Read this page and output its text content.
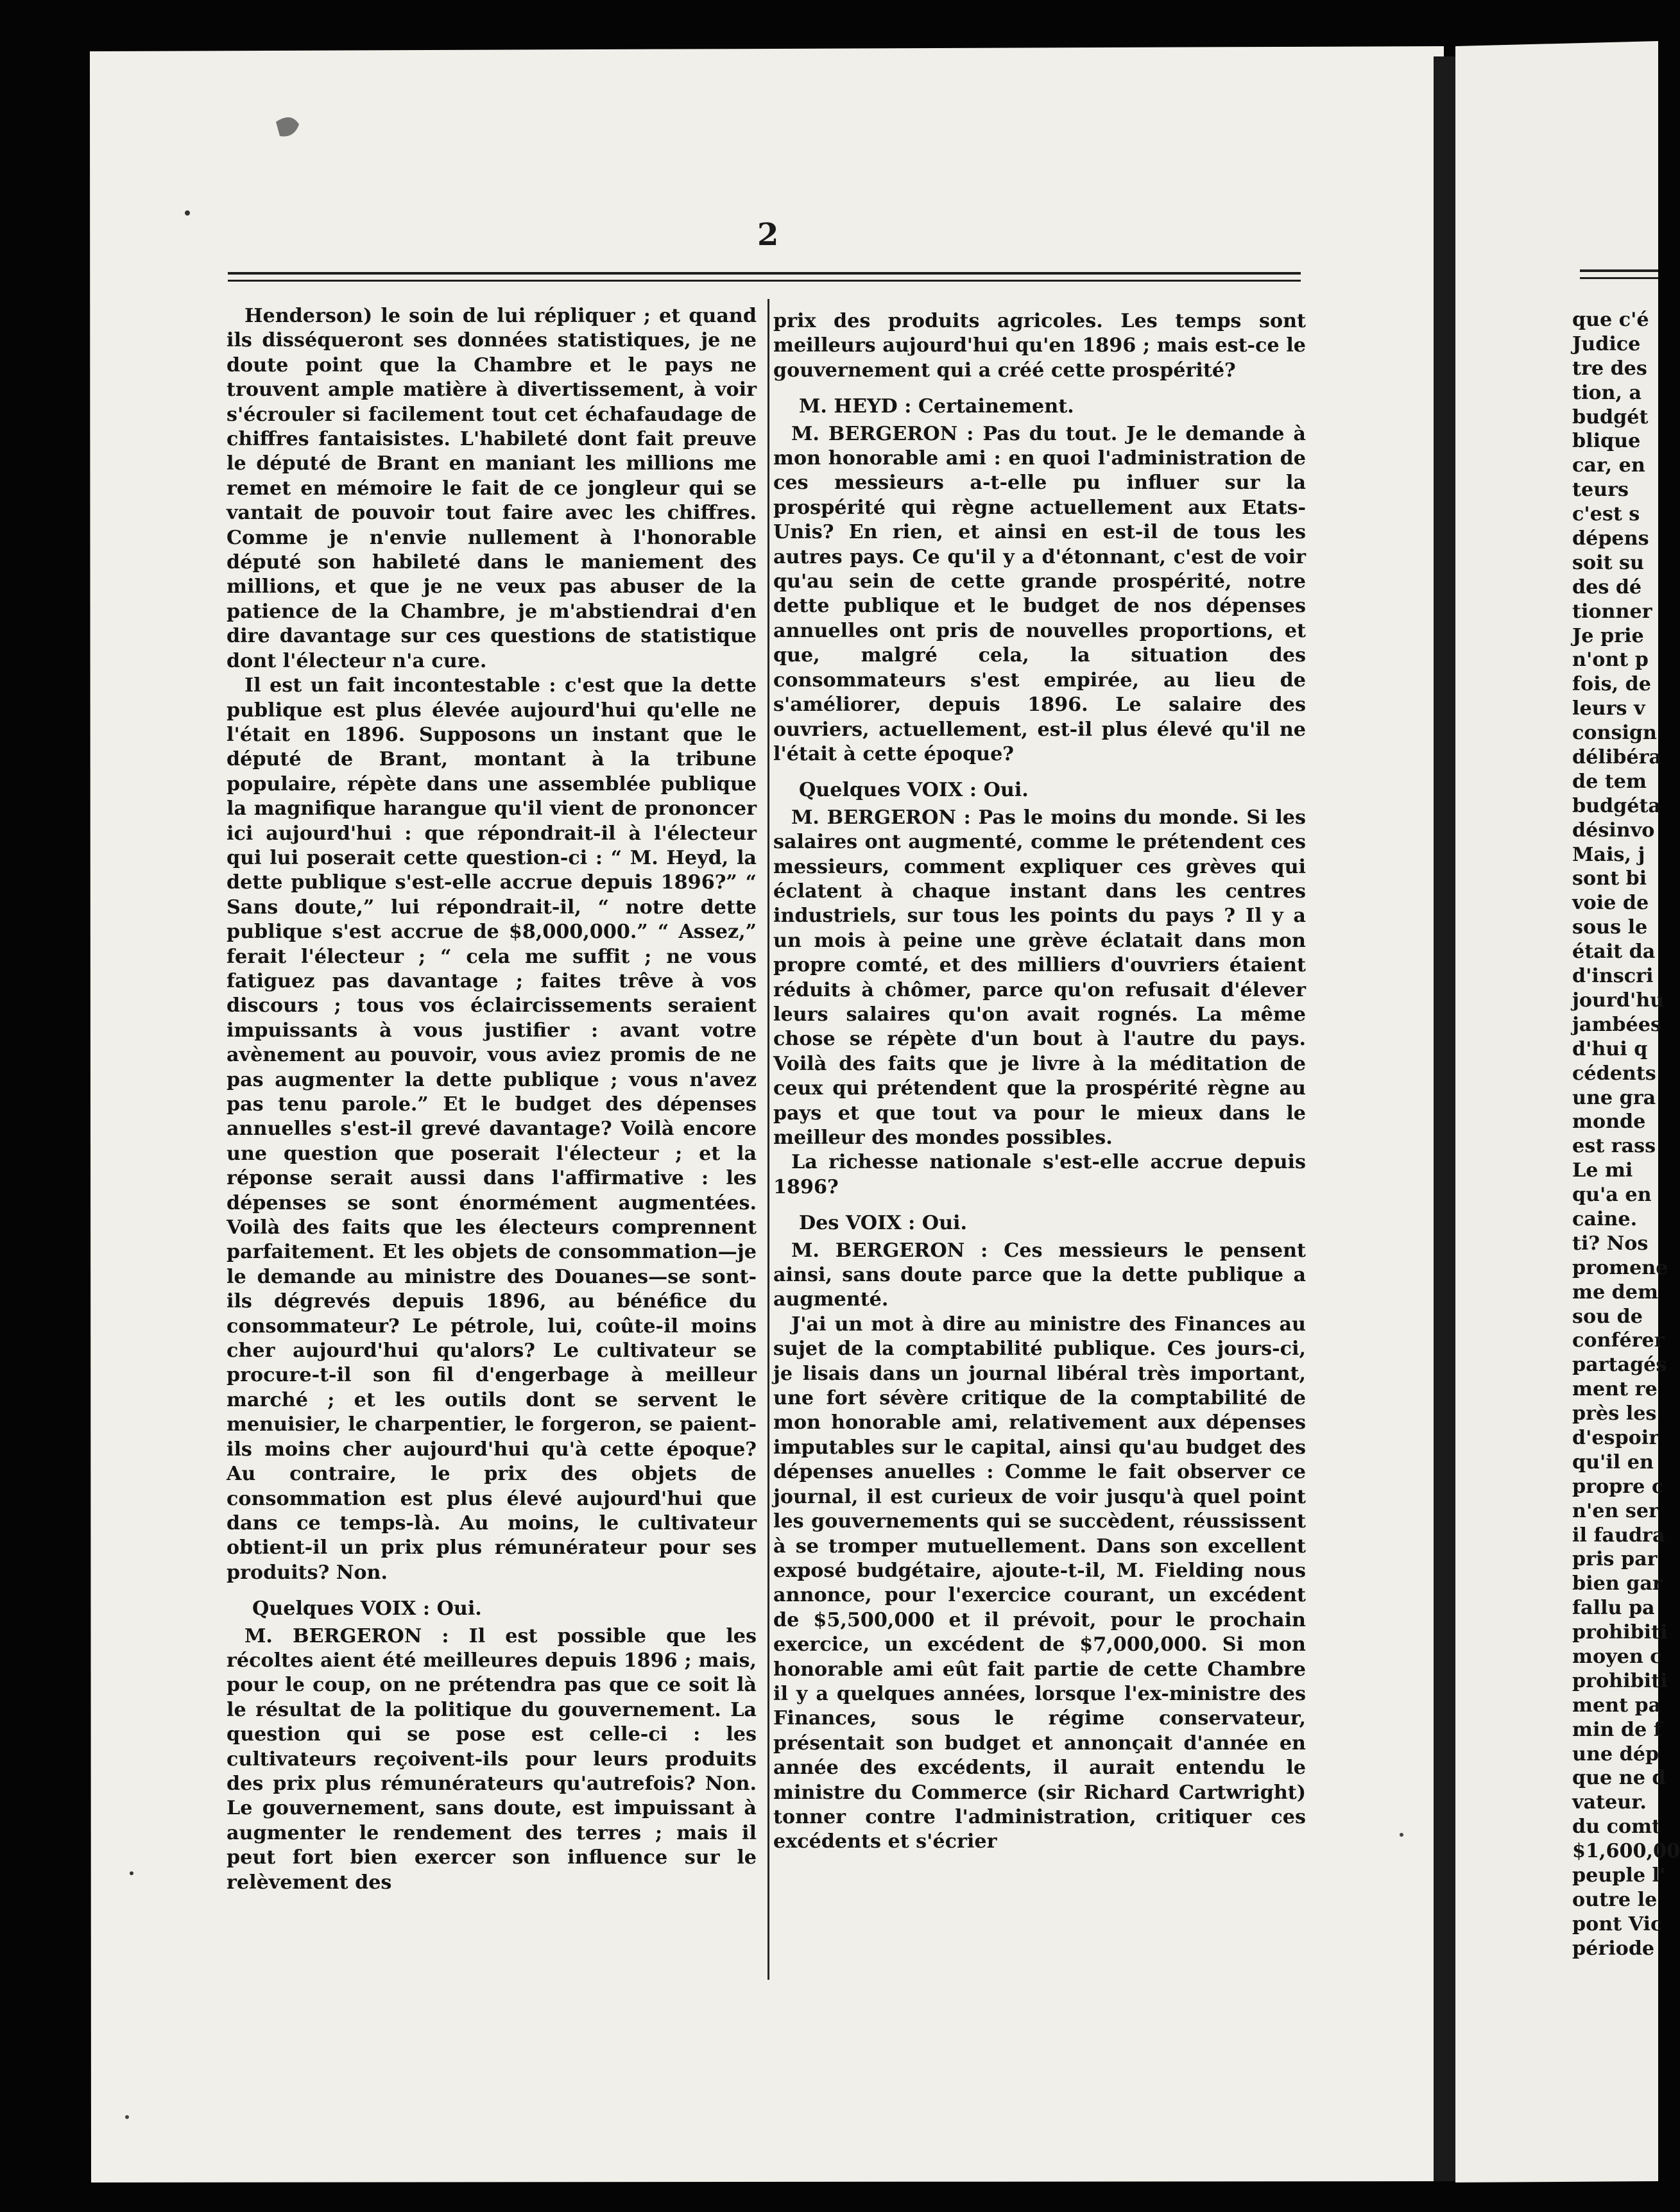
2

Henderson) le soin de lui répliquer ; et quand ils disséqueront ses données statistiques, je ne doute point que la Chambre et le pays ne trouvent ample matière à divertissement, à voir s'écrouler si facilement tout cet échafaudage de chiffres fantaisistes. L'habileté dont fait preuve le député de Brant en maniant les millions me remet en mémoire le fait de ce jongleur qui se vantait de pouvoir tout faire avec les chiffres. Comme je n'envie nullement à l'honorable député son habileté dans le maniement des millions, et que je ne veux pas abuser de la patience de la Chambre, je m'abstiendrai d'en dire davantage sur ces questions de statistique dont l'électeur n'a cure.

Il est un fait incontestable : c'est que la dette publique est plus élevée aujourd'hui qu'elle ne l'était en 1896. Supposons un instant que le député de Brant, montant à la tribune populaire, répète dans une assemblée publique la magnifique harangue qu'il vient de prononcer ici aujourd'hui : que répondrait-il à l'électeur qui lui poserait cette question-ci : “ M. Heyd, la dette publique s'est-elle accrue depuis 1896?” “ Sans doute,” lui répondrait-il, “ notre dette publique s'est accrue de $8,000,000.” “ Assez,” ferait l'électeur ; “ cela me suffit ; ne vous fatiguez pas davantage ; faites trêve à vos discours ; tous vos éclaircissements seraient impuissants à vous justifier : avant votre avènement au pouvoir, vous aviez promis de ne pas augmenter la dette publique ; vous n'avez pas tenu parole.” Et le budget des dépenses annuelles s'est-il grevé davantage? Voilà encore une question que poserait l'électeur ; et la réponse serait aussi dans l'affirmative : les dépenses se sont énormément augmentées. Voilà des faits que les électeurs comprennent parfaitement. Et les objets de consommation—je le demande au ministre des Douanes—se sont-ils dégrevés depuis 1896, au bénéfice du consommateur? Le pétrole, lui, coûte-il moins cher aujourd'hui qu'alors? Le cultivateur se procure-t-il son fil d'engerbage à meilleur marché ; et les outils dont se servent le menuisier, le charpentier, le forgeron, se paient-ils moins cher aujourd'hui qu'à cette époque? Au contraire, le prix des objets de consommation est plus élevé aujourd'hui que dans ce temps-là. Au moins, le cultivateur obtient-il un prix plus rémunérateur pour ses produits? Non.

Quelques VOIX : Oui.

M. BERGERON : Il est possible que les récoltes aient été meilleures depuis 1896 ; mais, pour le coup, on ne prétendra pas que ce soit là le résultat de la politique du gouvernement. La question qui se pose est celle-ci : les cultivateurs reçoivent-ils pour leurs produits des prix plus rémunérateurs qu'autrefois? Non. Le gouvernement, sans doute, est impuissant à augmenter le rendement des terres ; mais il peut fort bien exercer son influence sur le relèvement des

prix des produits agricoles. Les temps sont meilleurs aujourd'hui qu'en 1896 ; mais est-ce le gouvernement qui a créé cette prospérité?

M. HEYD : Certainement.

M. BERGERON : Pas du tout. Je le demande à mon honorable ami : en quoi l'administration de ces messieurs a-t-elle pu influer sur la prospérité qui règne actuellement aux Etats-Unis? En rien, et ainsi en est-il de tous les autres pays. Ce qu'il y a d'étonnant, c'est de voir qu'au sein de cette grande prospérité, notre dette publique et le budget de nos dépenses annuelles ont pris de nouvelles proportions, et que, malgré cela, la situation des consommateurs s'est empirée, au lieu de s'améliorer, depuis 1896. Le salaire des ouvriers, actuellement, est-il plus élevé qu'il ne l'était à cette époque?

Quelques VOIX : Oui.

M. BERGERON : Pas le moins du monde. Si les salaires ont augmenté, comme le prétendent ces messieurs, comment expliquer ces grèves qui éclatent à chaque instant dans les centres industriels, sur tous les points du pays ? Il y a un mois à peine une grève éclatait dans mon propre comté, et des milliers d'ouvriers étaient réduits à chômer, parce qu'on refusait d'élever leurs salaires qu'on avait rognés. La même chose se répète d'un bout à l'autre du pays. Voilà des faits que je livre à la méditation de ceux qui prétendent que la prospérité règne au pays et que tout va pour le mieux dans le meilleur des mondes possibles.

La richesse nationale s'est-elle accrue depuis 1896?

Des VOIX : Oui.

M. BERGERON : Ces messieurs le pensent ainsi, sans doute parce que la dette publique a augmenté.

J'ai un mot à dire au ministre des Finances au sujet de la comptabilité publique. Ces jours-ci, je lisais dans un journal libéral très important, une fort sévère critique de la comptabilité de mon honorable ami, relativement aux dépenses imputables sur le capital, ainsi qu'au budget des dépenses anuelles : Comme le fait observer ce journal, il est curieux de voir jusqu'à quel point les gouvernements qui se succèdent, réussissent à se tromper mutuellement. Dans son excellent exposé budgétaire, ajoute-t-il, M. Fielding nous annonce, pour l'exercice courant, un excédent de $5,500,000 et il prévoit, pour le prochain exercice, un excédent de $7,000,000. Si mon honorable ami eût fait partie de cette Chambre il y a quelques années, lorsque l'ex-ministre des Finances, sous le régime conservateur, présentait son budget et annonçait d'année en année des excédents, il aurait entendu le ministre du Commerce (sir Richard Cartwright) tonner contre l'administration, critiquer ces excédents et s'écrier

que c'é
Judice
tre des
tion, a
budgét
blique
car, en
teurs
c'est s
dépens
soit su
des dé
tionner
Je prie
n'ont p
fois, de
leurs v
consign
délibéra
de tem
budgéta
désinvo
Mais, j
sont bi
voie de
sous le
était da
d'inscri
jourd'hu
jambées
d'hui q
cédents
une gra
monde
est rass
Le mi
qu'a en
caine.
ti? Nos
promene
me dem
sou de
conférer
partagés
ment re
près les
d'espoir
qu'il en
propre c
n'en ser
il faudra
pris par
bien gar
fallu pa
prohibiti
moyen c
prohibiti
ment pa
min de f
une dép
que ne d
vateur.
du comt
$1,600,00
peuple l'
outre le
pont Vic
période
